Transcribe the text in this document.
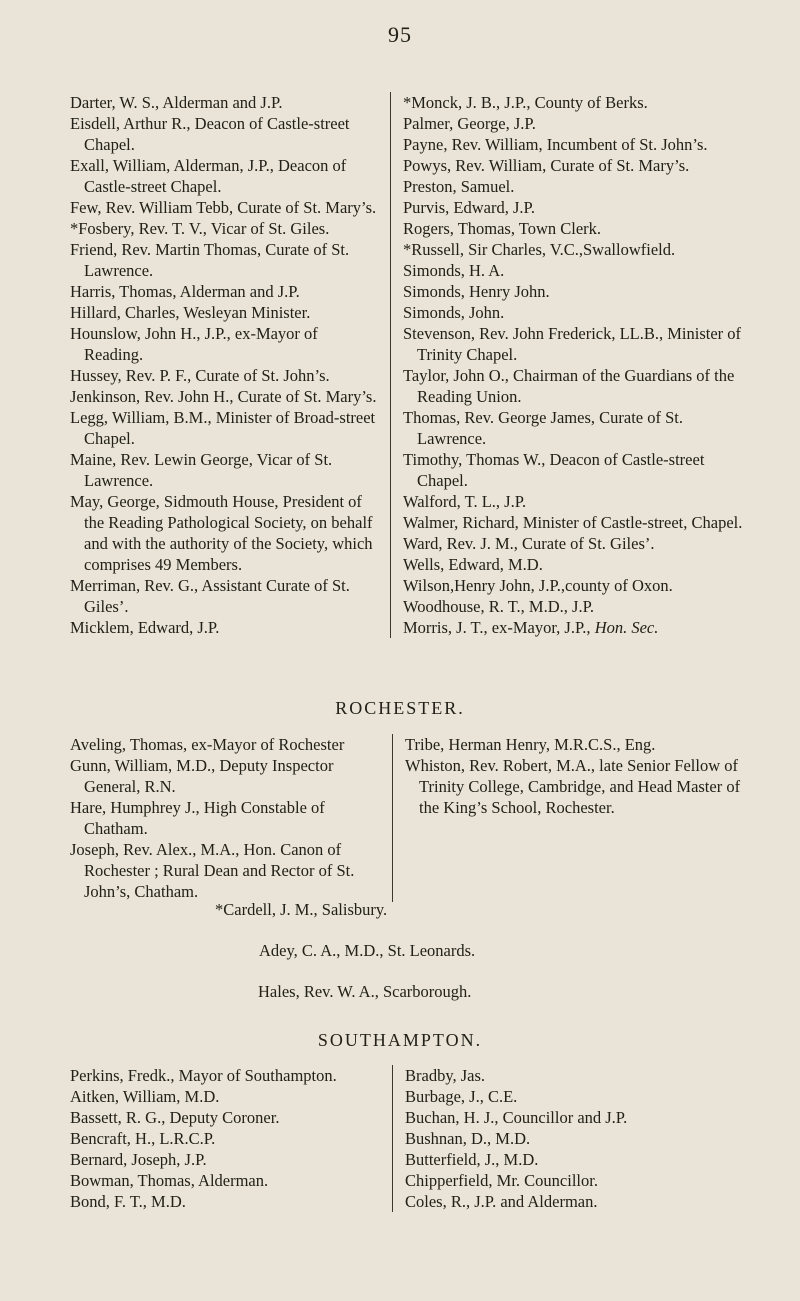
95

Darter, W. S., Alderman and J.P.

Eisdell, Arthur R., Deacon of Castle-street Chapel.

Exall, William, Alderman, J.P., Deacon of Castle-street Chapel.

Few, Rev. William Tebb, Curate of St. Mary’s.

*Fosbery, Rev. T. V., Vicar of St. Giles.

Friend, Rev. Martin Thomas, Curate of St. Lawrence.

Harris, Thomas, Alderman and J.P.

Hillard, Charles, Wesleyan Minister.

Hounslow, John H., J.P., ex-Mayor of Reading.

Hussey, Rev. P. F., Curate of St. John’s.

Jenkinson, Rev. John H., Curate of St. Mary’s.

Legg, William, B.M., Minister of Broad-street Chapel.

Maine, Rev. Lewin George, Vicar of St. Lawrence.

May, George, Sidmouth House, President of the Reading Pathological Society, on behalf and with the authority of the Society, which comprises 49 Members.

Merriman, Rev. G., Assistant Curate of St. Giles’.

Micklem, Edward, J.P.

*Monck, J. B., J.P., County of Berks.

Palmer, George, J.P.

Payne, Rev. William, Incumbent of St. John’s.

Powys, Rev. William, Curate of St. Mary’s.

Preston, Samuel.

Purvis, Edward, J.P.

Rogers, Thomas, Town Clerk.

*Russell, Sir Charles, V.C.,Swallowfield.

Simonds, H. A.

Simonds, Henry John.

Simonds, John.

Stevenson, Rev. John Frederick, LL.B., Minister of Trinity Chapel.

Taylor, John O., Chairman of the Guardians of the Reading Union.

Thomas, Rev. George James, Curate of St. Lawrence.

Timothy, Thomas W., Deacon of Castle-street Chapel.

Walford, T. L., J.P.

Walmer, Richard, Minister of Castle-street, Chapel.

Ward, Rev. J. M., Curate of St. Giles’.

Wells, Edward, M.D.

Wilson,Henry John, J.P.,county of Oxon.

Woodhouse, R. T., M.D., J.P.

Morris, J. T., ex-Mayor, J.P., Hon. Sec.

ROCHESTER.

Aveling, Thomas, ex-Mayor of Rochester

Gunn, William, M.D., Deputy Inspector General, R.N.

Hare, Humphrey J., High Constable of Chatham.

Joseph, Rev. Alex., M.A., Hon. Canon of Rochester ; Rural Dean and Rector of St. John’s, Chatham.

Tribe, Herman Henry, M.R.C.S., Eng.

Whiston, Rev. Robert, M.A., late Senior Fellow of Trinity College, Cambridge, and Head Master of the King’s School, Rochester.

*Cardell, J. M., Salisbury.
Adey, C. A., M.D., St. Leonards.
Hales, Rev. W. A., Scarborough.
SOUTHAMPTON.

Perkins, Fredk., Mayor of Southampton.

Aitken, William, M.D.

Bassett, R. G., Deputy Coroner.

Bencraft, H., L.R.C.P.

Bernard, Joseph, J.P.

Bowman, Thomas, Alderman.

Bond, F. T., M.D.

Bradby, Jas.

Burbage, J., C.E.

Buchan, H. J., Councillor and J.P.

Bushnan, D., M.D.

Butterfield, J., M.D.

Chipperfield, Mr. Councillor.

Coles, R., J.P. and Alderman.
